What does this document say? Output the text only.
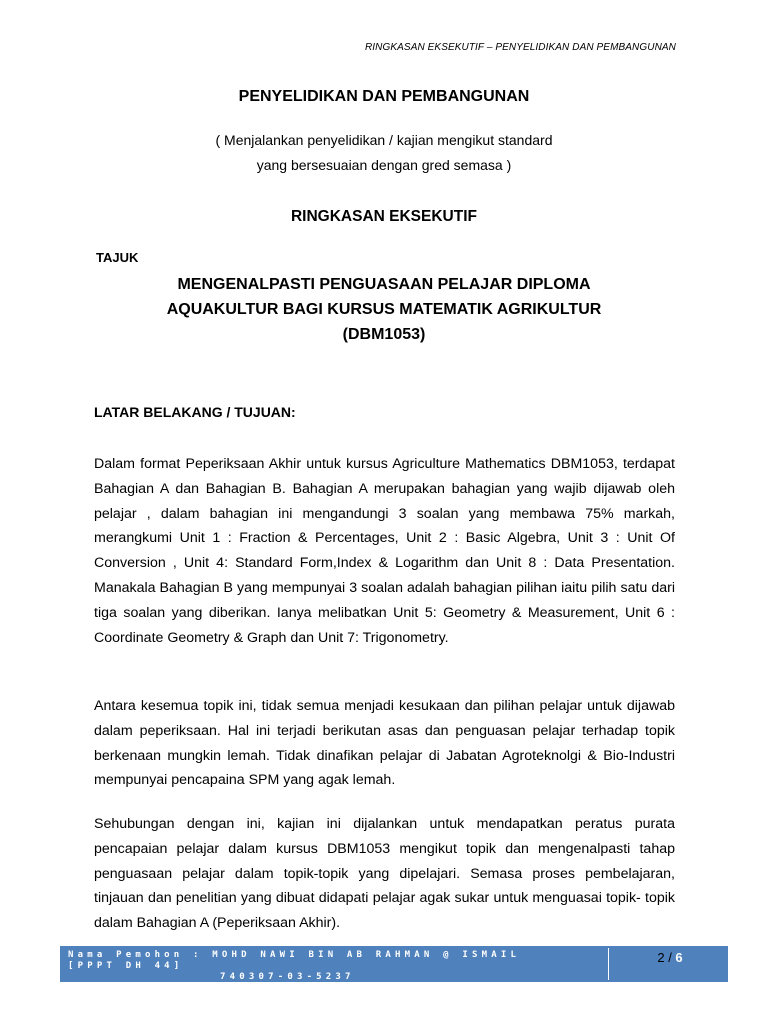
RINGKASAN EKSEKUTIF – PENYELIDIKAN DAN PEMBANGUNAN
PENYELIDIKAN DAN PEMBANGUNAN
( Menjalankan penyelidikan / kajian mengikut standard
yang bersesuaian dengan gred semasa )
RINGKASAN EKSEKUTIF
TAJUK
MENGENALPASTI PENGUASAAN PELAJAR DIPLOMA
AQUAKULTUR BAGI KURSUS MATEMATIK AGRIKULTUR
(DBM1053)
LATAR BELAKANG / TUJUAN:

Dalam format Peperiksaan Akhir untuk kursus Agriculture Mathematics DBM1053, terdapat Bahagian A dan Bahagian B. Bahagian A merupakan bahagian yang wajib dijawab oleh pelajar , dalam bahagian ini mengandungi 3 soalan yang membawa 75% markah, merangkumi Unit 1 : Fraction & Percentages, Unit 2 : Basic Algebra, Unit 3 : Unit Of Conversion , Unit 4: Standard Form,Index & Logarithm dan Unit 8 : Data Presentation. Manakala Bahagian B yang mempunyai 3 soalan adalah bahagian pilihan iaitu pilih satu dari tiga soalan yang diberikan. Ianya melibatkan Unit 5: Geometry & Measurement, Unit 6 : Coordinate Geometry & Graph dan Unit 7: Trigonometry.

Antara kesemua topik ini, tidak semua menjadi kesukaan dan pilihan pelajar untuk dijawab dalam peperiksaan. Hal ini terjadi berikutan asas dan penguasan pelajar terhadap topik berkenaan mungkin lemah. Tidak dinafikan pelajar di Jabatan Agroteknolgi & Bio-Industri mempunyai pencapaina SPM yang agak lemah.

Sehubungan dengan ini, kajian ini dijalankan untuk mendapatkan peratus purata pencapaian pelajar dalam kursus DBM1053 mengikut topik dan mengenalpasti tahap penguasaan pelajar dalam topik-topik yang dipelajari. Semasa proses pembelajaran, tinjauan dan penelitian yang dibuat didapati pelajar agak sukar untuk menguasai topik- topik dalam Bahagian A (Peperiksaan Akhir).

Nama Pemohon : MOHD NAWI BIN AB RAHMAN @ ISMAIL
[PPPT DH 44]
740307-03-5237
2 / 6
